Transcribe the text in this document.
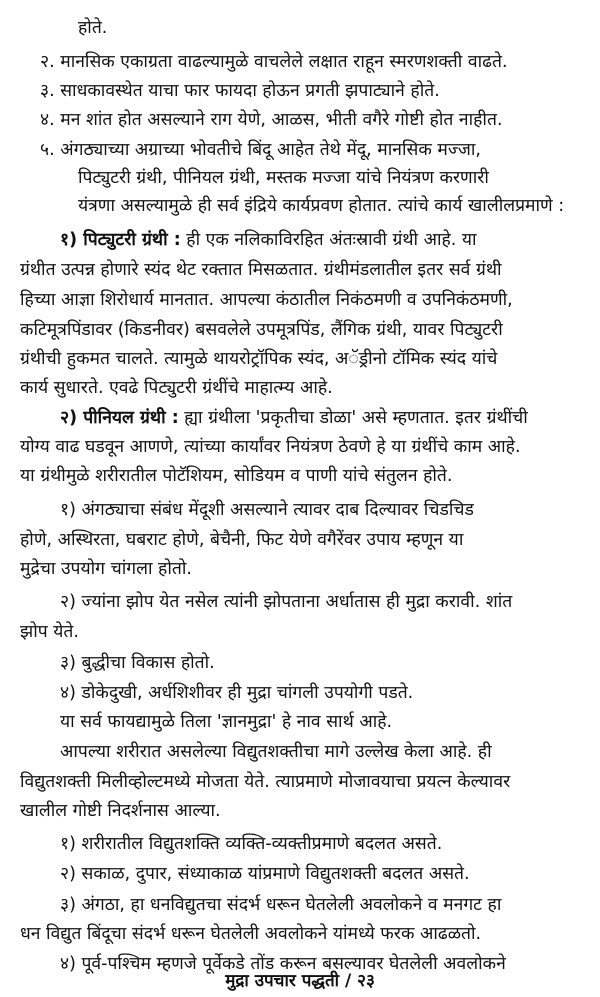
होते.
२. मानसिक एकाग्रता वाढल्यामुळे वाचलेले लक्षात राहून स्मरणशक्ती वाढते.
३. साधकावस्थेत याचा फार फायदा होऊन प्रगती झपाट्याने होते.
४. मन शांत होत असल्याने राग येणे, आळस, भीती वगैरे गोष्टी होत नाहीत.
५. अंगठ्याच्या अग्राच्या भोवतीचे बिंदू आहेत तेथे मेंदू, मानसिक मज्जा,
पिट्युटरी ग्रंथी, पीनियल ग्रंथी, मस्तक मज्जा यांचे नियंत्रण करणारी
यंत्रणा असल्यामुळे ही सर्व इंद्रिये कार्यप्रवण होतात. त्यांचे कार्य खालीलप्रमाणे :
१) पिट्युटरी ग्रंथी : ही एक नलिकाविरहित अंतःस्रावी ग्रंथी आहे. या
ग्रंथीत उत्पन्न होणारे स्यंद थेट रक्तात मिसळतात. ग्रंथीमंडलातील इतर सर्व ग्रंथी
हिच्या आज्ञा शिरोधार्य मानतात. आपल्या कंठातील निकंठमणी व उपनिकंठमणी,
कटिमूत्रपिंडावर (किडनीवर) बसवलेले उपमूत्रपिंड, लैंगिक ग्रंथी, यावर पिट्युटरी
ग्रंथीची हुकमत चालते. त्यामुळे थायरोट्रॉपिक स्यंद, अॅड्रीनो टॉमिक स्यंद यांचे
कार्य सुधारते. एवढे पिट्युटरी ग्रंथींचे माहात्म्य आहे.
२) पीनियल ग्रंथी : ह्या ग्रंथीला 'प्रकृतीचा डोळा' असे म्हणतात. इतर ग्रंथींची
योग्य वाढ घडवून आणणे, त्यांच्या कार्यांवर नियंत्रण ठेवणे हे या ग्रंथींचे काम आहे.
या ग्रंथीमुळे शरीरातील पोटॅशियम, सोडियम व पाणी यांचे संतुलन होते.
१) अंगठ्याचा संबंध मेंदूशी असल्याने त्यावर दाब दिल्यावर चिडचिड
होणे, अस्थिरता, घबराट होणे, बेचैनी, फिट येणे वगैरेंवर उपाय म्हणून या
मुद्रेचा उपयोग चांगला होतो.
२) ज्यांना झोप येत नसेल त्यांनी झोपताना अर्धातास ही मुद्रा करावी. शांत
झोप येते.
३) बुद्धीचा विकास होतो.
४) डोकेदुखी, अर्धशिशीवर ही मुद्रा चांगली उपयोगी पडते.
या सर्व फायद्यामुळे तिला 'ज्ञानमुद्रा' हे नाव सार्थ आहे.
आपल्या शरीरात असलेल्या विद्युतशक्तीचा मागे उल्लेख केला आहे. ही
विद्युतशक्ती मिलीव्होल्टमध्ये मोजता येते. त्याप्रमाणे मोजावयाचा प्रयत्न केल्यावर
खालील गोष्टी निदर्शनास आल्या.
१) शरीरातील विद्युतशक्ति व्यक्ति-व्यक्तीप्रमाणे बदलत असते.
२) सकाळ, दुपार, संध्याकाळ यांप्रमाणे विद्युतशक्ती बदलत असते.
३) अंगठा, हा धनविद्युतचा संदर्भ धरून घेतलेली अवलोकने व मनगट हा
धन विद्युत बिंदूचा संदर्भ धरून घेतलेली अवलोकने यांमध्ये फरक आढळतो.
४) पूर्व-पश्चिम म्हणजे पूर्वेकडे तोंड करून बसल्यावर घेतलेली अवलोकने
मुद्रा उपचार पद्धती / २३
